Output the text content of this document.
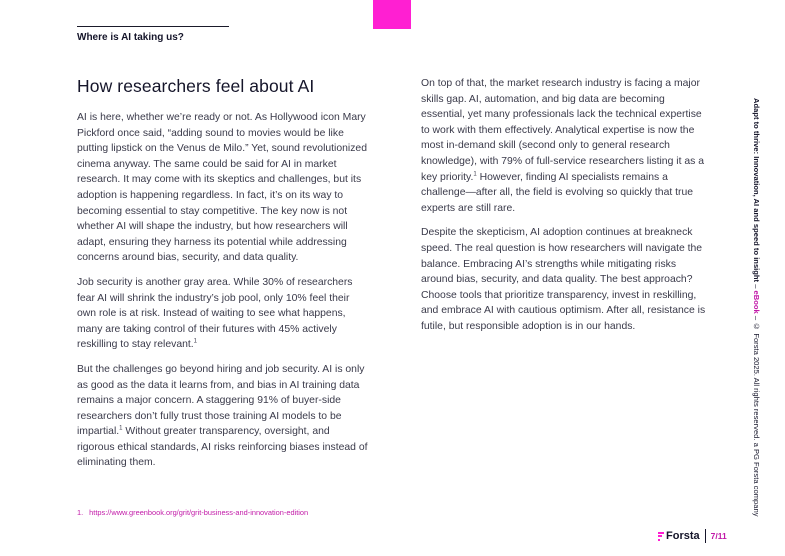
Where is AI taking us?
How researchers feel about AI

AI is here, whether we’re ready or not. As Hollywood icon Mary Pickford once said, “adding sound to movies would be like putting lipstick on the Venus de Milo.” Yet, sound revolutionized cinema anyway. The same could be said for AI in market research. It may come with its skeptics and challenges, but its adoption is happening regardless. In fact, it’s on its way to becoming essential to stay competitive. The key now is not whether AI will shape the industry, but how researchers will adapt, ensuring they harness its potential while addressing concerns around bias, security, and data quality.

Job security is another gray area. While 30% of researchers fear AI will shrink the industry’s job pool, only 10% feel their own role is at risk. Instead of waiting to see what happens, many are taking control of their futures with 45% actively reskilling to stay relevant.$^1$

But the challenges go beyond hiring and job security. AI is only as good as the data it learns from, and bias in AI training data remains a major concern. A staggering 91% of buyer-side researchers don’t fully trust those training AI models to be impartial.$^1$ Without greater transparency, oversight, and rigorous ethical standards, AI risks reinforcing biases instead of eliminating them.

On top of that, the market research industry is facing a major skills gap. AI, automation, and big data are becoming essential, yet many professionals lack the technical expertise to work with them effectively. Analytical expertise is now the most in-demand skill (second only to general research knowledge), with 79% of full-service researchers listing it as a key priority.$^1$ However, finding AI specialists remains a challenge—after all, the field is evolving so quickly that true experts are still rare.

Despite the skepticism, AI adoption continues at breakneck speed. The real question is how researchers will navigate the balance. Embracing AI’s strengths while mitigating risks around bias, security, and data quality. The best approach? Choose tools that prioritize transparency, invest in reskilling, and embrace AI with cautious optimism. After all, resistance is futile, but responsible adoption is in our hands.

1. https://www.greenbook.org/grit/grit-business-and-innovation-edition
Adapt to thrive: Innovation, AI and speed to insight – eBook – © Forsta 2025. All rights reserved. a PG Forsta company
Forsta 7/11
